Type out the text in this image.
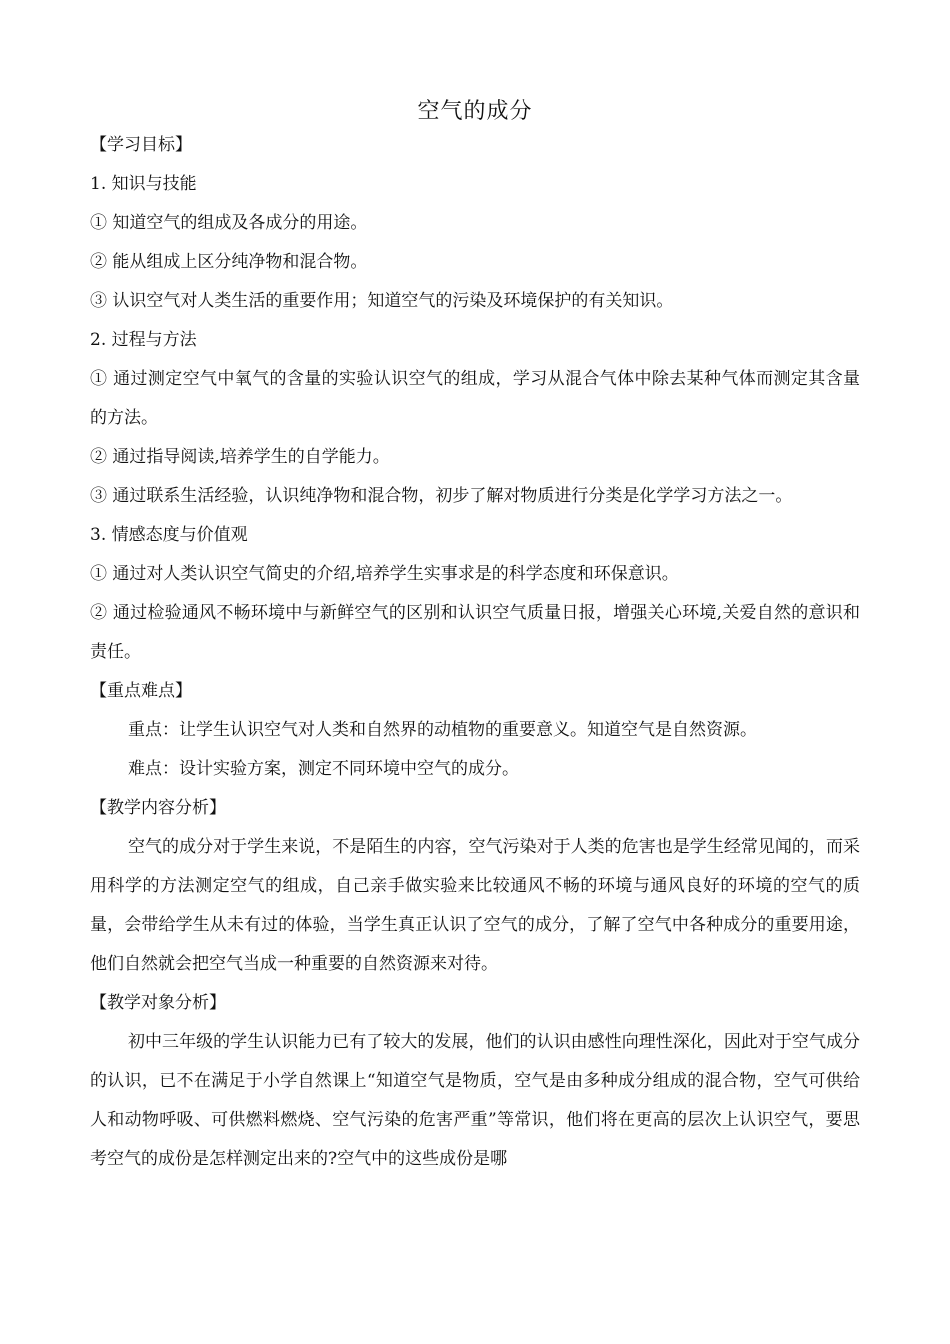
空气的成分
【学习目标】
1. 知识与技能
① 知道空气的组成及各成分的用途。
② 能从组成上区分纯净物和混合物。
③ 认识空气对人类生活的重要作用；知道空气的污染及环境保护的有关知识。
2. 过程与方法
① 通过测定空气中氧气的含量的实验认识空气的组成，学习从混合气体中除去某种气体而测定其含量的方法。
② 通过指导阅读,培养学生的自学能力。
③ 通过联系生活经验，认识纯净物和混合物，初步了解对物质进行分类是化学学习方法之一。
3. 情感态度与价值观
① 通过对人类认识空气简史的介绍,培养学生实事求是的科学态度和环保意识。
② 通过检验通风不畅环境中与新鲜空气的区别和认识空气质量日报，增强关心环境,关爱自然的意识和责任。
【重点难点】
重点：让学生认识空气对人类和自然界的动植物的重要意义。知道空气是自然资源。
难点：设计实验方案，测定不同环境中空气的成分。
【教学内容分析】
空气的成分对于学生来说，不是陌生的内容，空气污染对于人类的危害也是学生经常见闻的，而采用科学的方法测定空气的组成，自己亲手做实验来比较通风不畅的环境与通风良好的环境的空气的质量，会带给学生从未有过的体验，当学生真正认识了空气的成分，了解了空气中各种成分的重要用途，他们自然就会把空气当成一种重要的自然资源来对待。
【教学对象分析】
初中三年级的学生认识能力已有了较大的发展，他们的认识由感性向理性深化，因此对于空气成分的认识，已不在满足于小学自然课上“知道空气是物质，空气是由多种成分组成的混合物，空气可供给人和动物呼吸、可供燃料燃烧、空气污染的危害严重”等常识，他们将在更高的层次上认识空气，要思考空气的成份是怎样测定出来的?空气中的这些成份是哪
